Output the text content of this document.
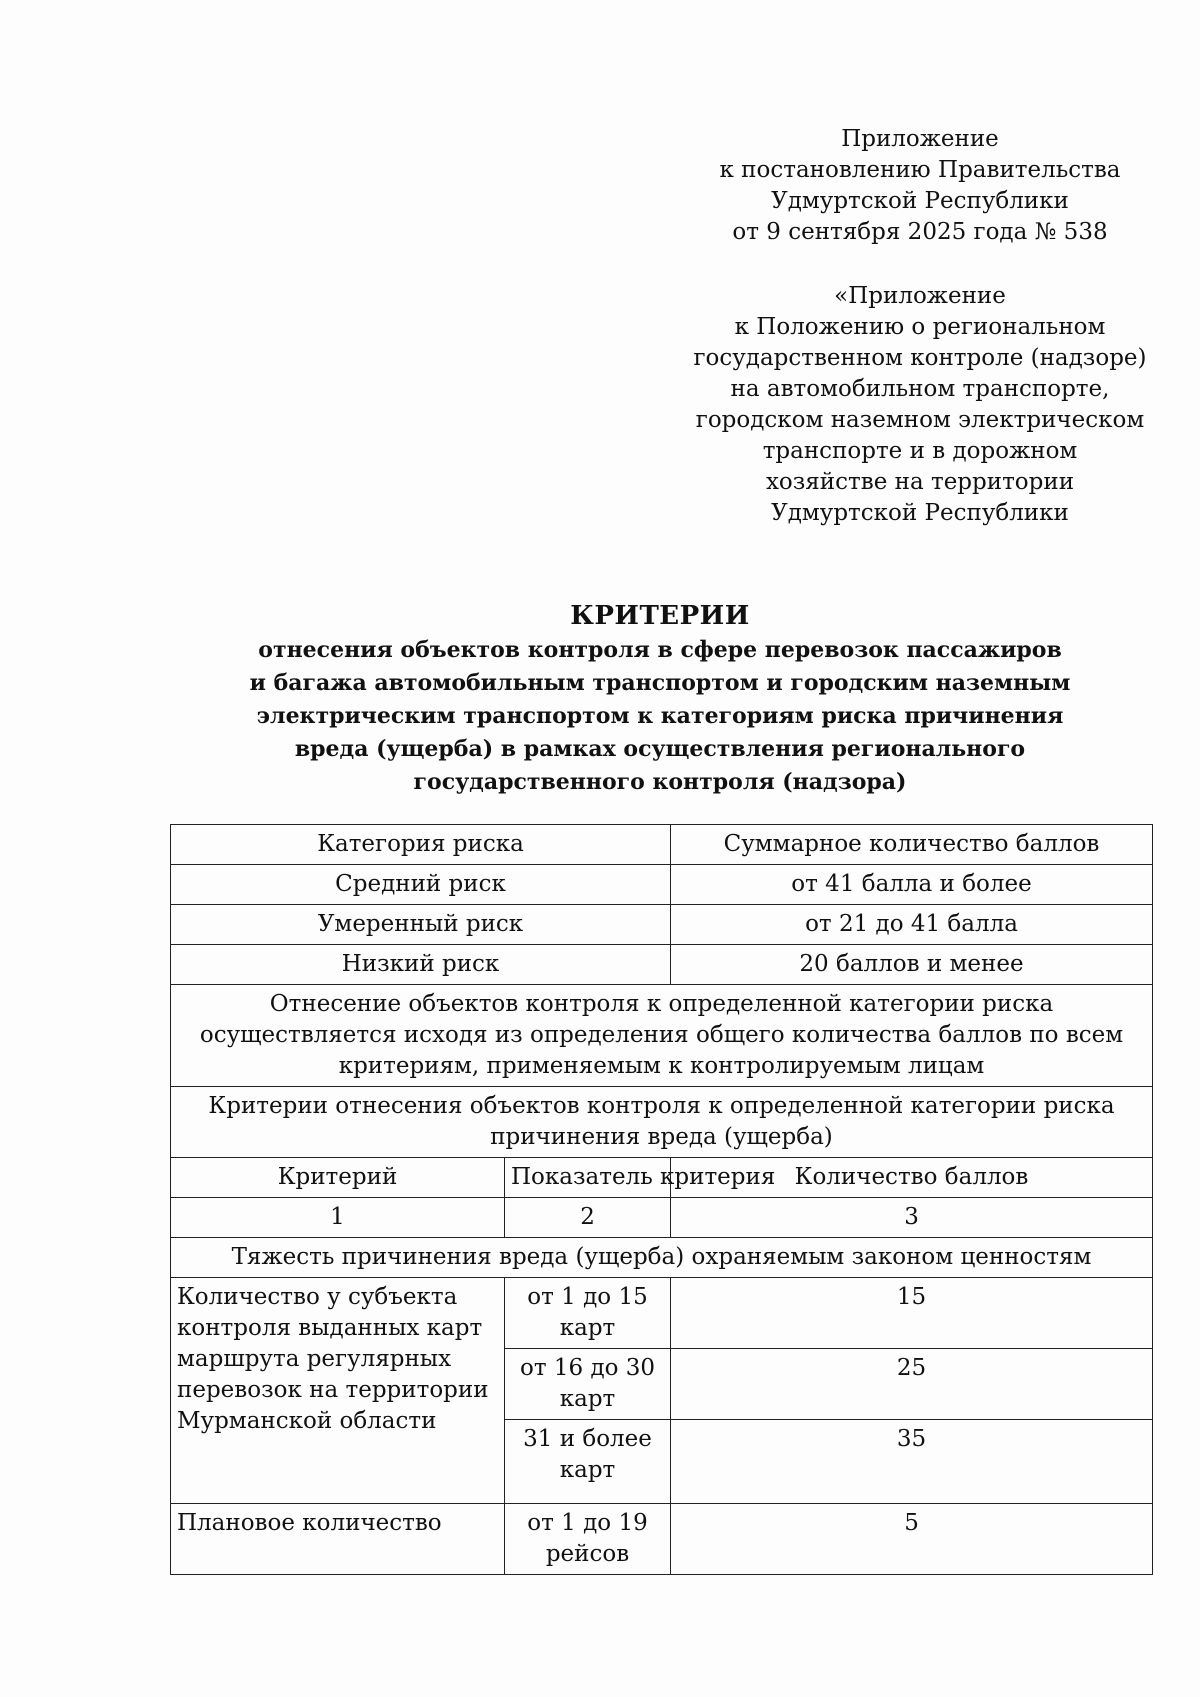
Приложение
к постановлению Правительства
Удмуртской Республики
от 9 сентября 2025 года № 538
«Приложение
к Положению о региональном
государственном контроле (надзоре)
на автомобильном транспорте,
городском наземном электрическом
транспорте и в дорожном
хозяйстве на территории
Удмуртской Республики
КРИТЕРИИ
отнесения объектов контроля в сфере перевозок пассажиров
и багажа автомобильным транспортом и городским наземным
электрическим транспортом к категориям риска причинения
вреда (ущерба) в рамках осуществления регионального
государственного контроля (надзора)
Категория риска		Суммарное количество баллов
Средний риск		от 41 балла и более
Умеренный риск		от 21 до 41 балла
Низкий риск		20 баллов и менее
Отнесение объектов контроля к определенной категории риска осуществляется исходя из определения общего количества баллов по всем критериям, применяемым к контролируемым лицам		
Критерии отнесения объектов контроля к определенной категории риска причинения вреда (ущерба)		
Критерий	Показатель критерия	Количество баллов
1	2	3
Тяжесть причинения вреда (ущерба) охраняемым законом ценностям		
Количество у субъекта контроля выданных карт маршрута регулярных перевозок на территории Мурманской области	от 1 до 15 карт	15
	от 16 до 30 карт	25
	31 и более карт	35
Плановое количество	от 1 до 19 рейсов	5
